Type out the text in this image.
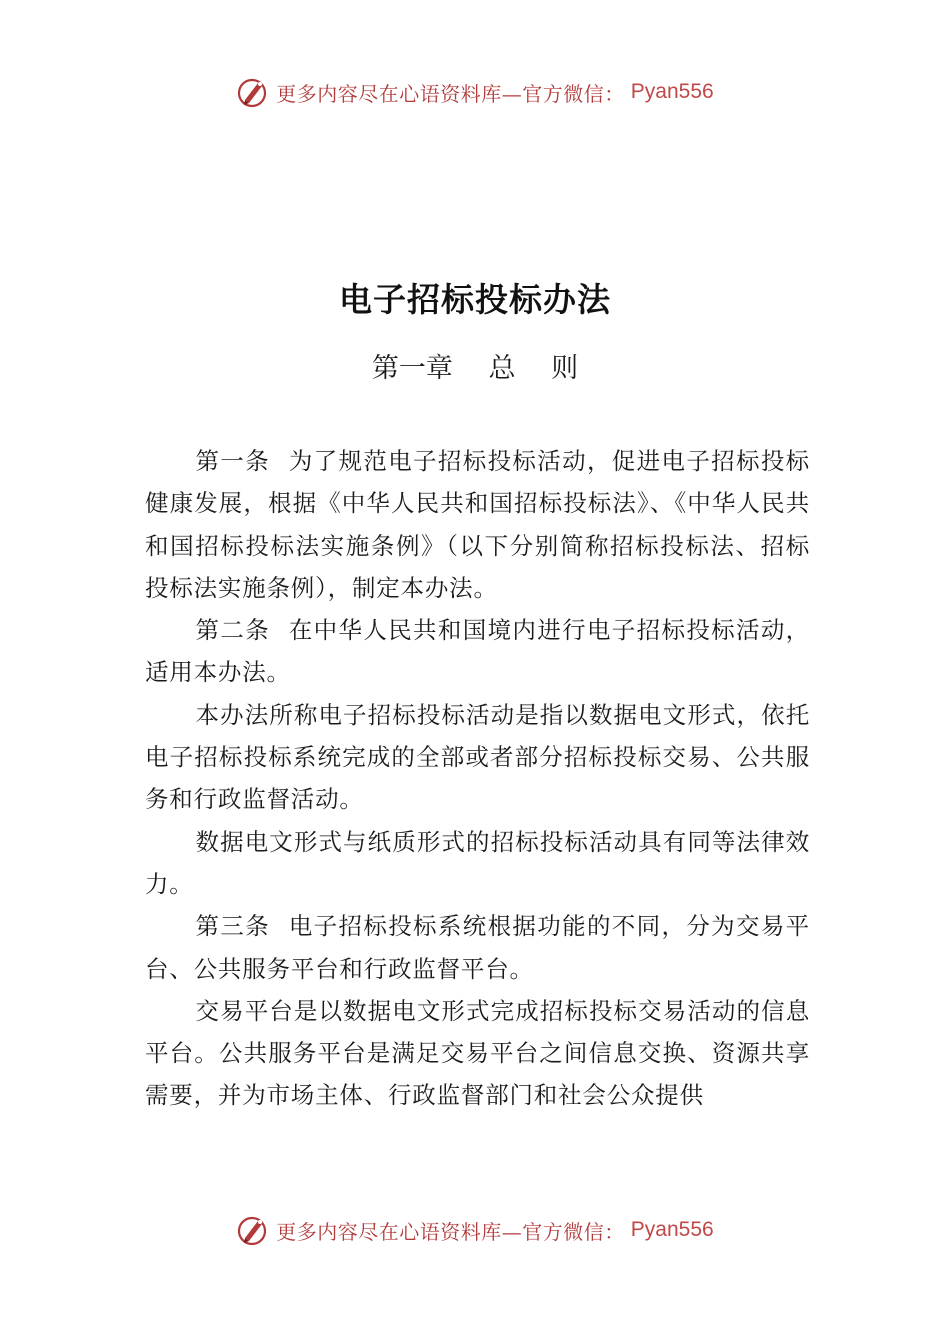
更多内容尽在心语资料库—官方微信： Pyan556
电子招标投标办法
第一章　 总　 则

第一条 为了规范电子招标投标活动，促进电子招标投标健康发展，根据《中华人民共和国招标投标法》、《中华人民共和国招标投标法实施条例》（以下分别简称招标投标法、招标投标法实施条例），制定本办法。

第二条 在中华人民共和国境内进行电子招标投标活动，适用本办法。

本办法所称电子招标投标活动是指以数据电文形式，依托电子招标投标系统完成的全部或者部分招标投标交易、公共服务和行政监督活动。

数据电文形式与纸质形式的招标投标活动具有同等法律效力。

第三条 电子招标投标系统根据功能的不同，分为交易平台、公共服务平台和行政监督平台。

交易平台是以数据电文形式完成招标投标交易活动的信息平台。公共服务平台是满足交易平台之间信息交换、资源共享需要，并为市场主体、行政监督部门和社会公众提供

更多内容尽在心语资料库—官方微信： Pyan556
